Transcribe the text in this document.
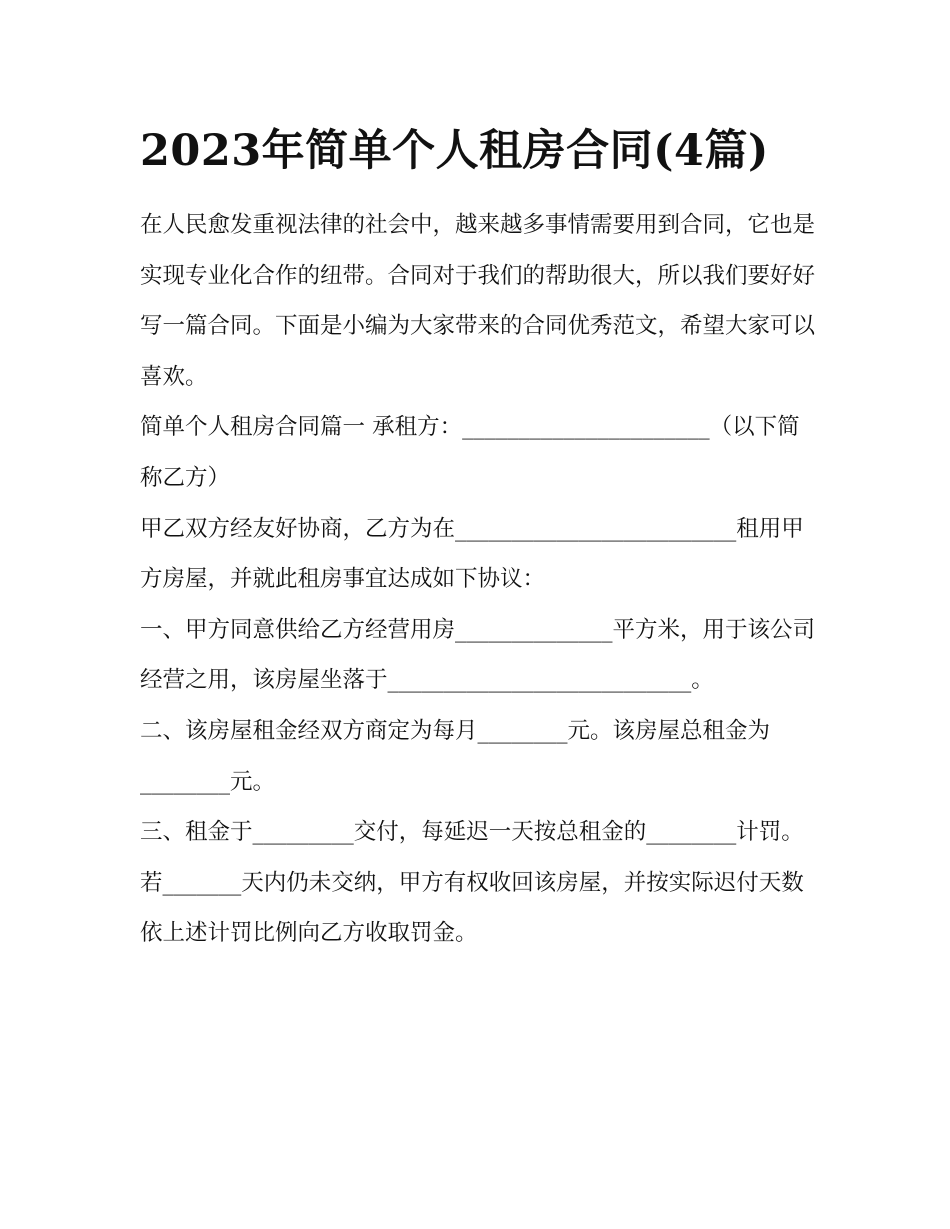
2023年简单个人租房合同(4篇)

在人民愈发重视法律的社会中，越来越多事情需要用到合同，它也是实现专业化合作的纽带。合同对于我们的帮助很大，所以我们要好好写一篇合同。下面是小编为大家带来的合同优秀范文，希望大家可以喜欢。

简单个人租房合同篇一 承租方：______________________（以下简称乙方）

甲乙双方经友好协商，乙方为在_________________________租用甲方房屋，并就此租房事宜达成如下协议：

一、甲方同意供给乙方经营用房______________平方米，用于该公司经营之用，该房屋坐落于___________________________。

二、该房屋租金经双方商定为每月________元。该房屋总租金为________元。

三、租金于_________交付，每延迟一天按总租金的________计罚。若_______天内仍未交纳，甲方有权收回该房屋，并按实际迟付天数依上述计罚比例向乙方收取罚金。
